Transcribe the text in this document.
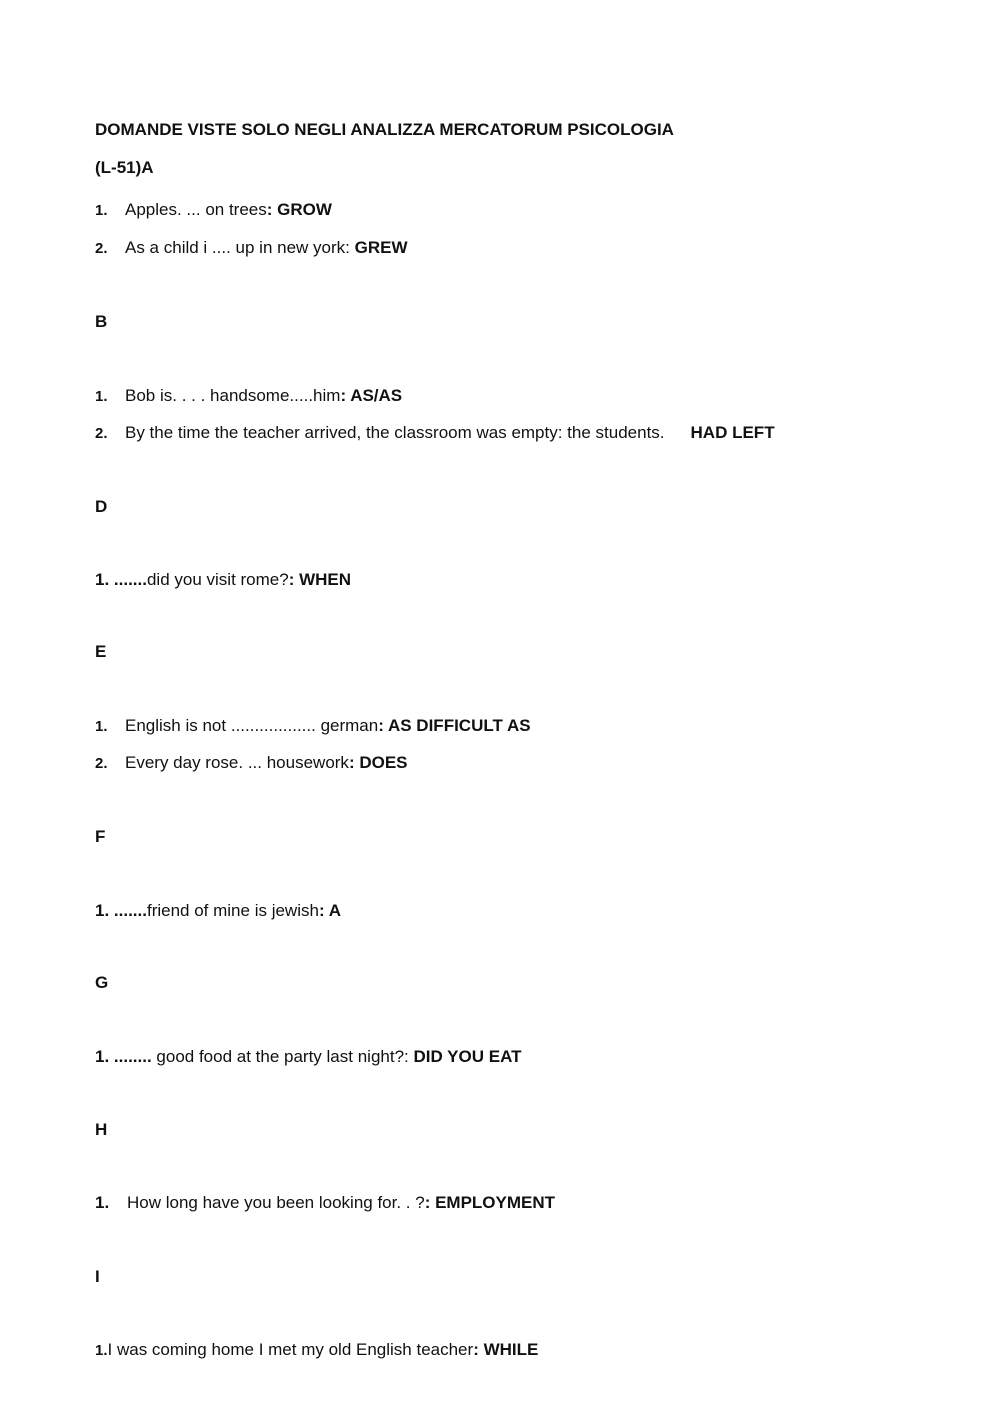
DOMANDE VISTE SOLO NEGLI ANALIZZA MERCATORUM PSICOLOGIA
(L-51)A
1. Apples. ... on trees: GROW
2. As a child i .... up in new york: GREW
B
1. Bob is. . . . handsome.....him: AS/AS
2. By the time the teacher arrived, the classroom was empty: the students. HAD LEFT
D
1. .......did you visit rome?: WHEN
E
1. English is not .................. german: AS DIFFICULT AS
2. Every day rose. ... housework: DOES
F
1. .......friend of mine is jewish: A
G
1. ........ good food at the party last night?: DID YOU EAT
H
1. How long have you been looking for. . ?: EMPLOYMENT
I
1.I was coming home I met my old English teacher: WHILE
